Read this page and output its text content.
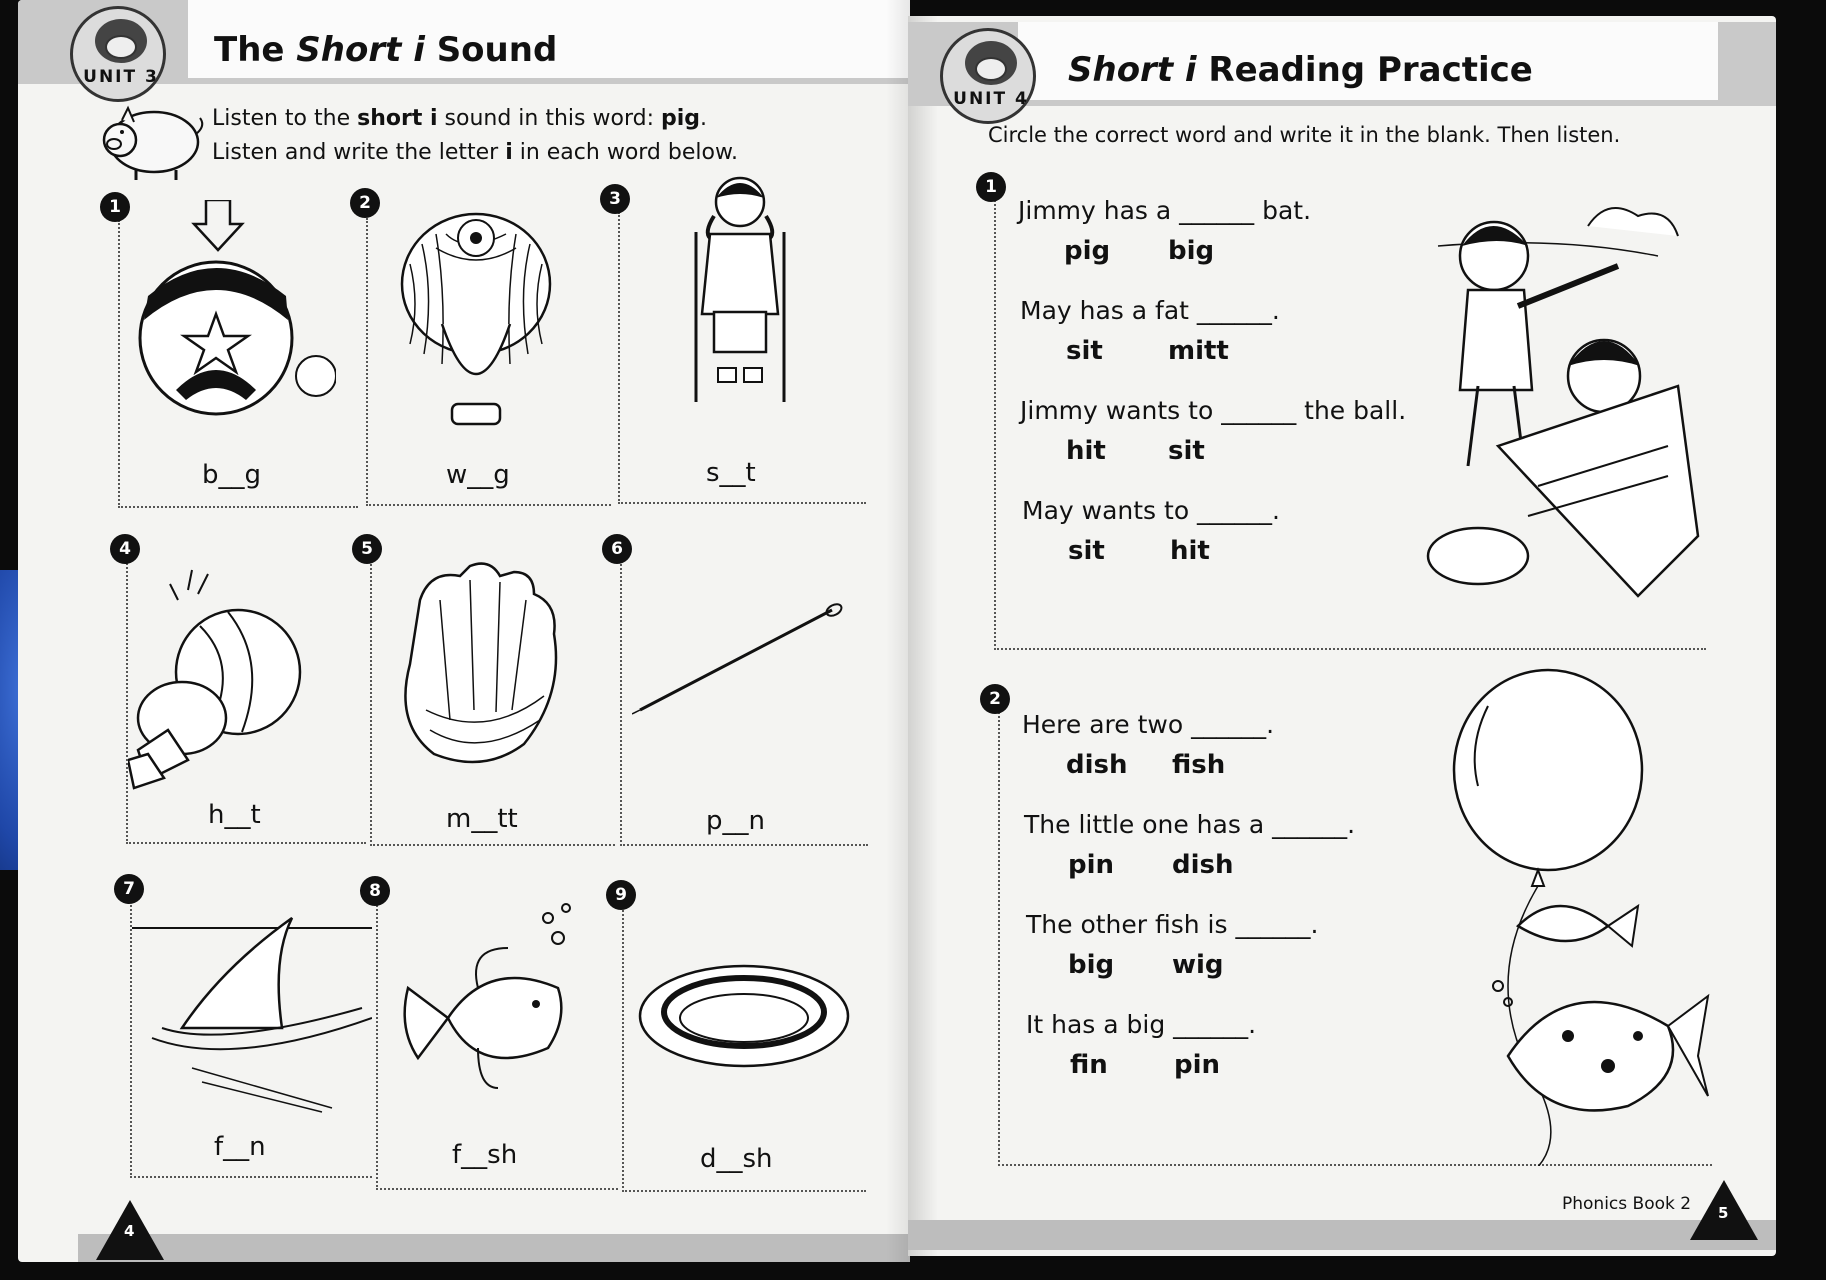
UNIT 3
The Short i Sound
Listen to the short i sound in this word: pig.
Listen and write the letter i in each word below.
1
b__g
2
w__g
3
s__t
4
h__t
5
m__tt
6
p__n
7
f__n
8
f__sh
9
d__sh
4
UNIT 4
Short i Reading Practice
Circle the correct word and write it in the blank. Then listen.
1
Jimmy has a ______ bat.
pig big
May has a fat ______.
sit	mitt
Jimmy wants to ______ the ball.
hit sit
May wants to ______.
sit	hit
2
Here are two ______.
dish fish
The little one has a ______.
pin dish
The other fish is ______.
big wig
It has a big ______.
fin	pin
Phonics Book 2 5
